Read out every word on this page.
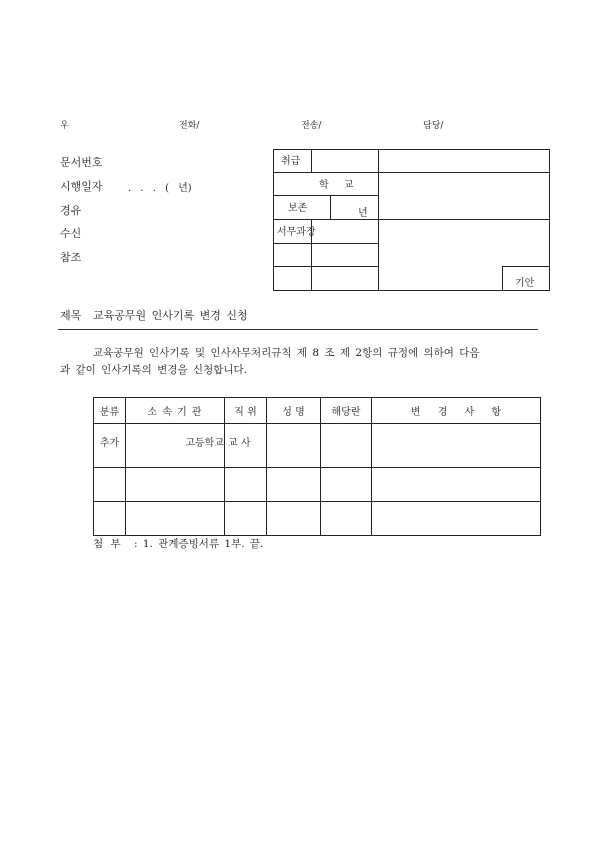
우	전화/	전송/	담당/
문서번호
시행일자	. . . ( 년)
경유
수신
참조
취급
학 교
보존	년
서무과장
기안
제목 교육공무원 인사기록 변경 신청
교육공무원 인사기록 및 인사사무처리규칙 제 8 조 제 2항의 규정에 의하여 다음
과 같이 인사기록의 변경을 신청합니다.
분류	소 속 기 관	직 위	성 명	해당란	변 경 사 항
추가	고등학교	교 사			

첨 부 : 1. 관계증빙서류 1부. 끝.
